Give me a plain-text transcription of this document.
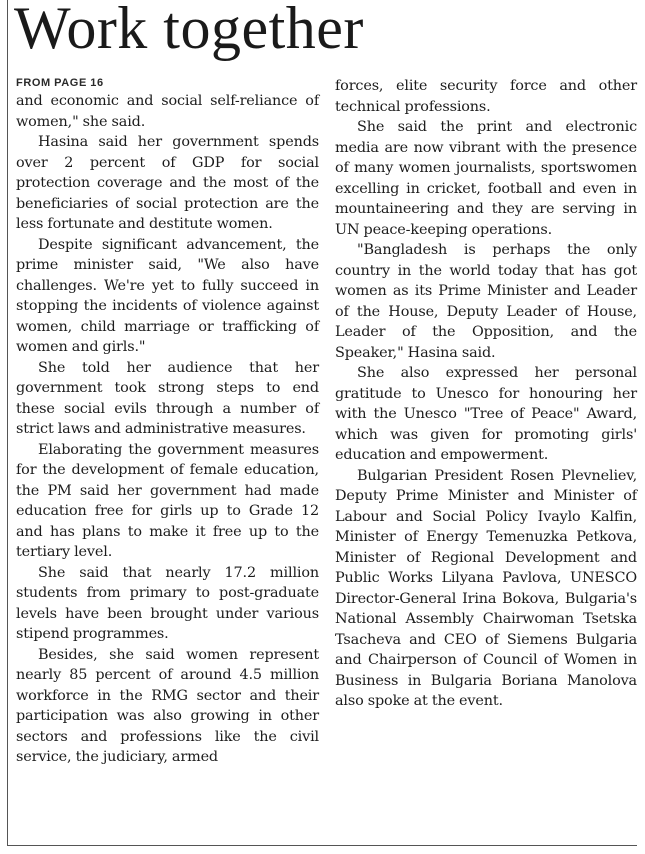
Work together
FROM PAGE 16

and economic and social self-reliance of women," she said.

Hasina said her government spends over 2 percent of GDP for social protection coverage and the most of the beneficiaries of social protection are the less fortunate and destitute women.

Despite significant advancement, the prime minister said, "We also have challenges. We're yet to fully succeed in stopping the incidents of violence against women, child marriage or trafficking of women and girls."

She told her audience that her government took strong steps to end these social evils through a number of strict laws and administrative measures.

Elaborating the government measures for the development of female education, the PM said her government had made education free for girls up to Grade 12 and has plans to make it free up to the tertiary level.

She said that nearly 17.2 million students from primary to post-graduate levels have been brought under various stipend programmes.

Besides, she said women represent nearly 85 percent of around 4.5 million workforce in the RMG sector and their participation was also growing in other sectors and professions like the civil service, the judiciary, armed

forces, elite security force and other technical professions.

She said the print and electronic media are now vibrant with the presence of many women journalists, sportswomen excelling in cricket, football and even in mountaineering and they are serving in UN peace-keeping operations.

"Bangladesh is perhaps the only country in the world today that has got women as its Prime Minister and Leader of the House, Deputy Leader of House, Leader of the Opposition, and the Speaker," Hasina said.

She also expressed her personal gratitude to Unesco for honouring her with the Unesco "Tree of Peace" Award, which was given for promoting girls' education and empowerment.

Bulgarian President Rosen Plevneliev, Deputy Prime Minister and Minister of Labour and Social Policy Ivaylo Kalfin, Minister of Energy Temenuzka Petkova, Minister of Regional Development and Public Works Lilyana Pavlova, UNESCO Director-General Irina Bokova, Bulgaria's National Assembly Chairwoman Tsetska Tsacheva and CEO of Siemens Bulgaria and Chairperson of Council of Women in Business in Bulgaria Boriana Manolova also spoke at the event.
